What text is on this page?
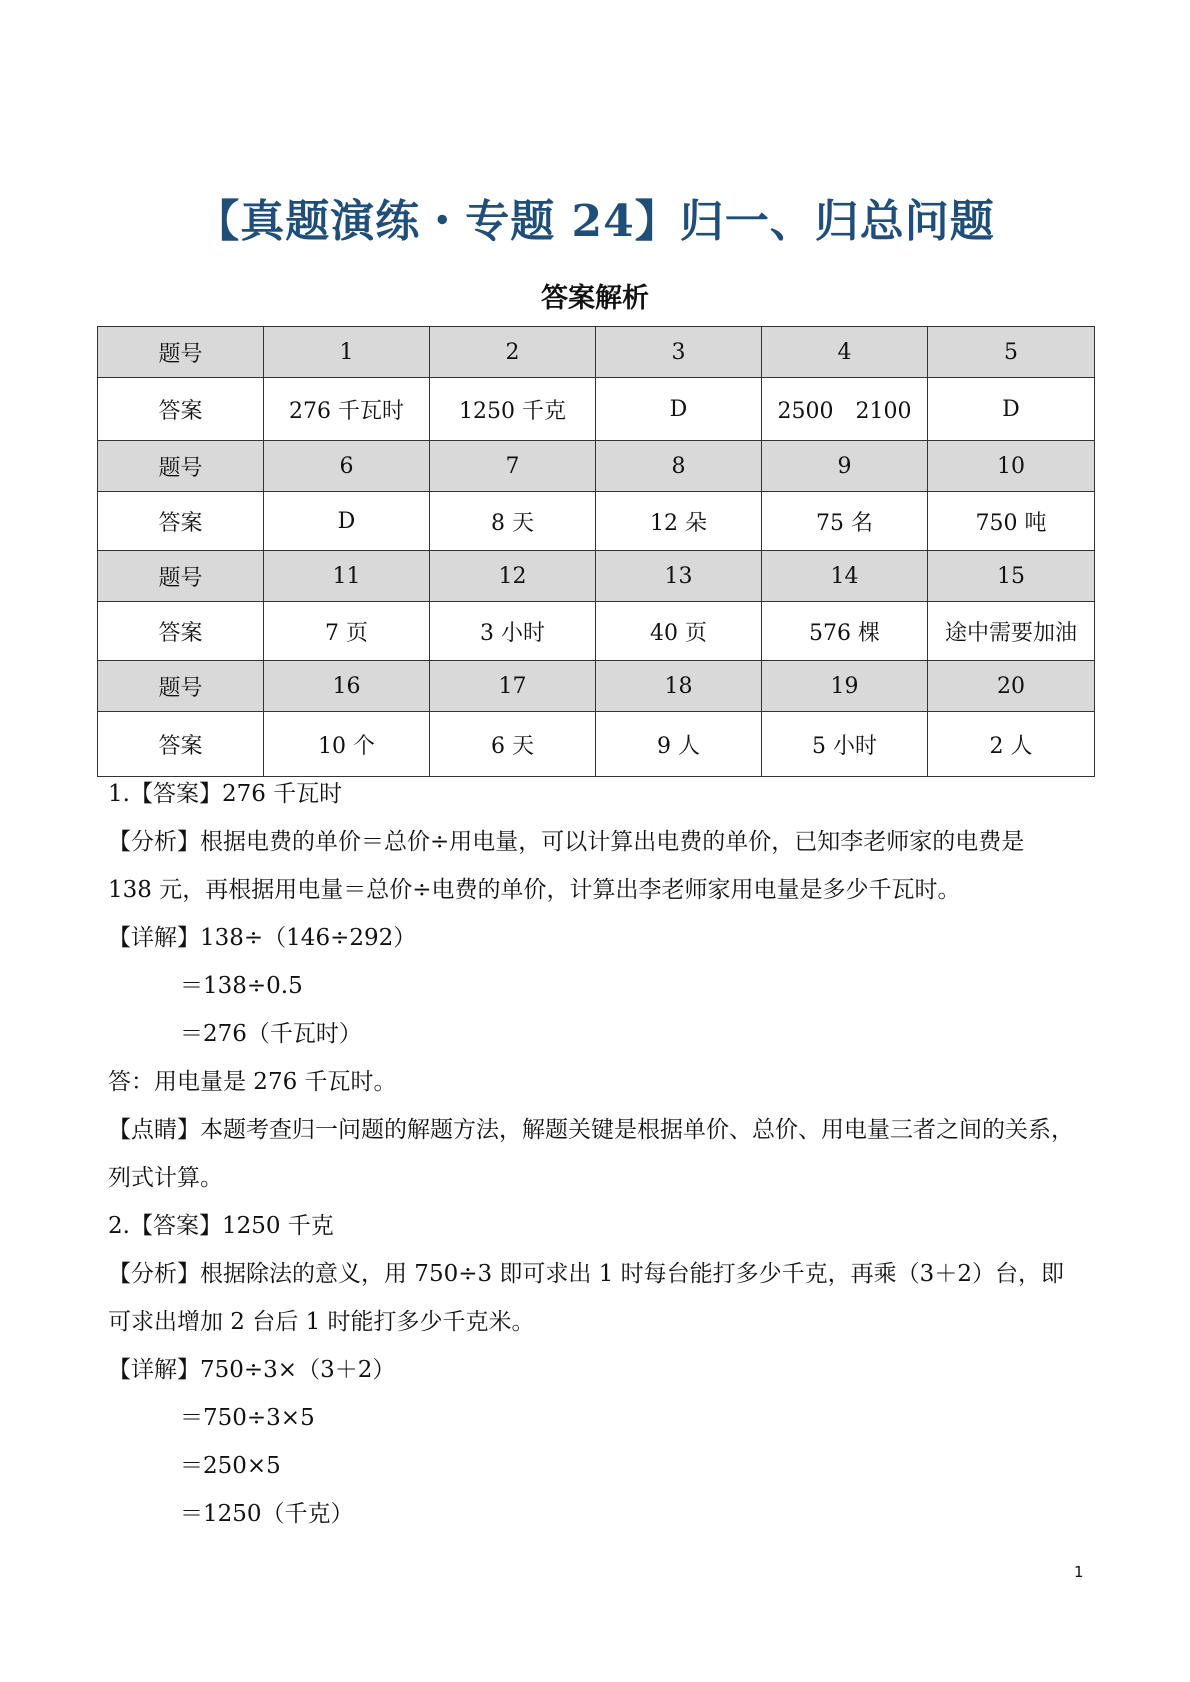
【真题演练・专题 24】归一、归总问题
答案解析
题号	1	2	3	4	5
答案	276 千瓦时	1250 千克	D	2500　2100	D
题号	6	7	8	9	10
答案	D	8 天	12 朵	75 名	750 吨
题号	11	12	13	14	15
答案	7 页	3 小时	40 页	576 棵	途中需要加油
题号	16	17	18	19	20
答案	10 个	6 天	9 人	5 小时	2 人

1.【答案】276 千瓦时

【分析】根据电费的单价＝总价÷用电量，可以计算出电费的单价，已知李老师家的电费是

138 元，再根据用电量＝总价÷电费的单价，计算出李老师家用电量是多少千瓦时。

【详解】138÷（146÷292）

＝138÷0.5

＝276（千瓦时）

答：用电量是 276 千瓦时。

【点睛】本题考查归一问题的解题方法，解题关键是根据单价、总价、用电量三者之间的关系，

列式计算。

2.【答案】1250 千克

【分析】根据除法的意义，用 750÷3 即可求出 1 时每台能打多少千克，再乘（3＋2）台，即

可求出增加 2 台后 1 时能打多少千克米。

【详解】750÷3×（3＋2）

＝750÷3×5

＝250×5

＝1250（千克）

1
